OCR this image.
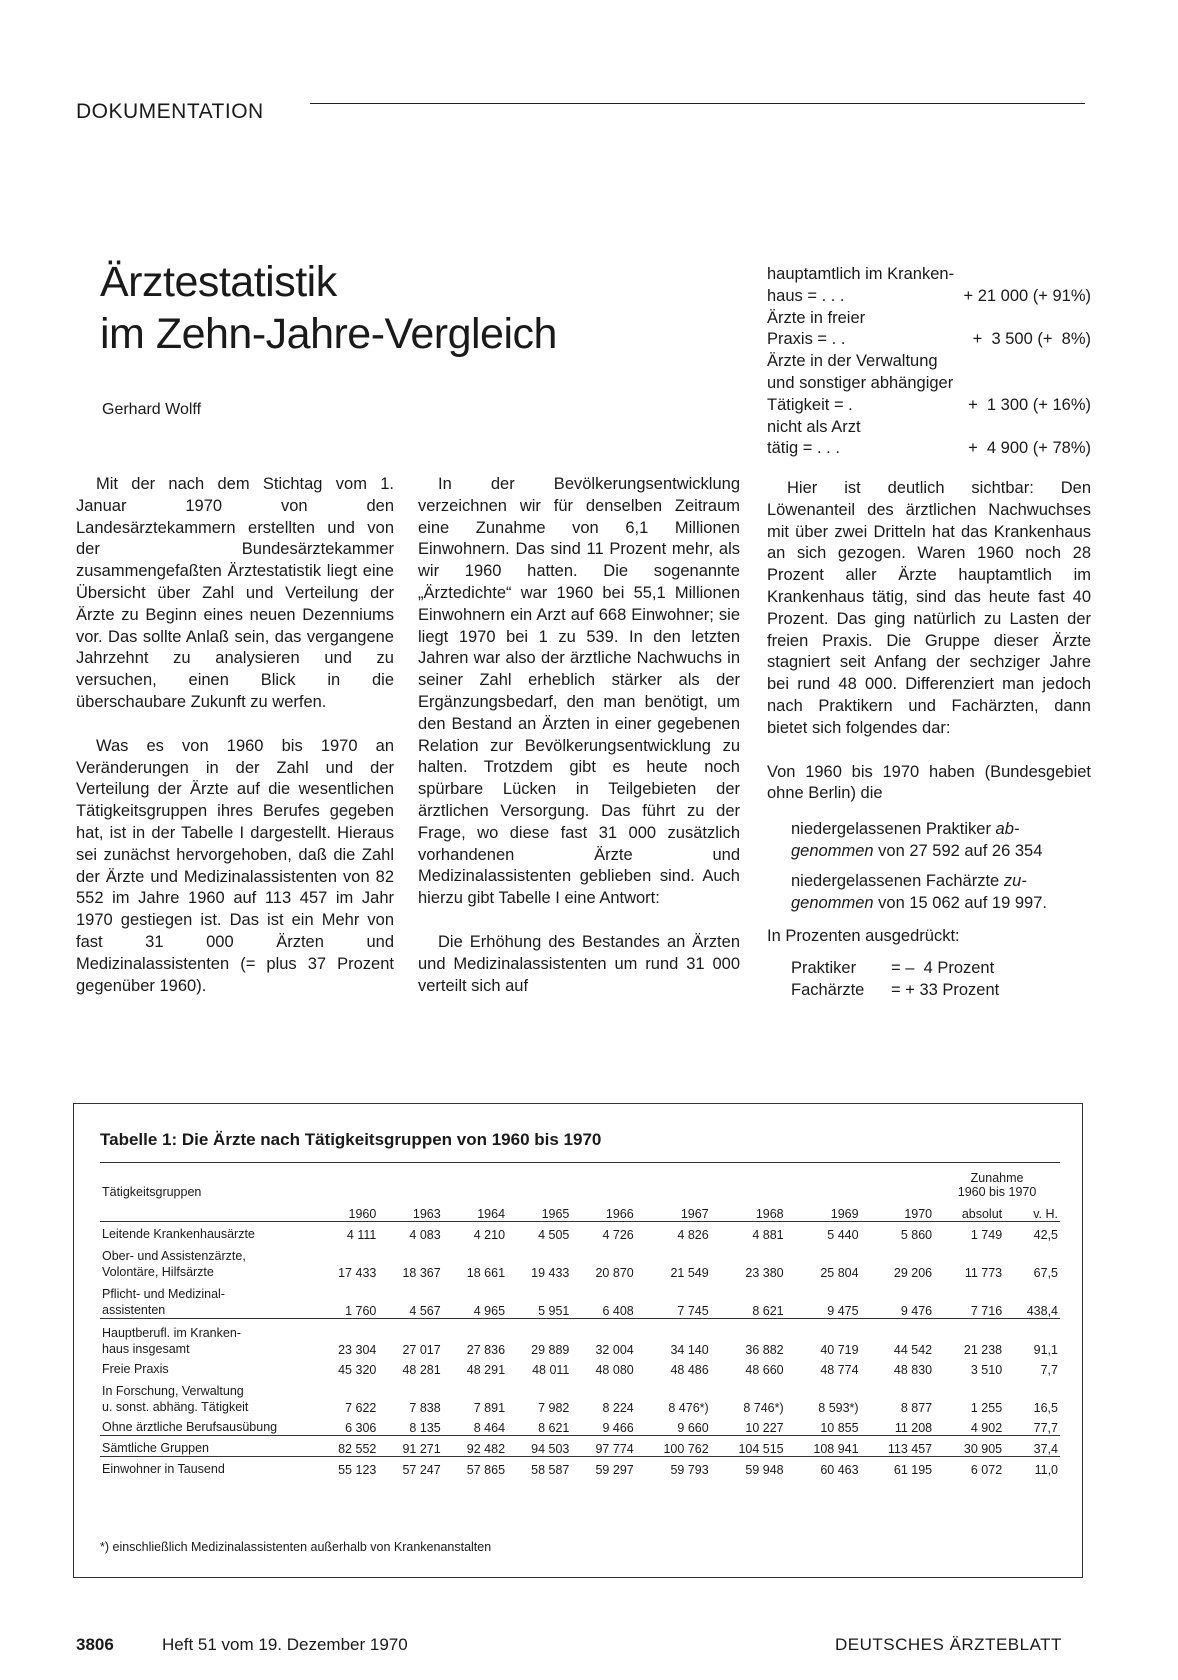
DOKUMENTATION
Ärztestatistik
im Zehn-Jahre-Vergleich
Gerhard Wolff

Mit der nach dem Stichtag vom 1. Januar 1970 von den Landesärztekammern erstellten und von der Bundesärztekammer zusammengefaßten Ärztestatistik liegt eine Übersicht über Zahl und Verteilung der Ärzte zu Beginn eines neuen Dezenniums vor. Das sollte Anlaß sein, das vergangene Jahrzehnt zu analysieren und zu versuchen, einen Blick in die überschaubare Zukunft zu werfen.

Was es von 1960 bis 1970 an Veränderungen in der Zahl und der Verteilung der Ärzte auf die wesentlichen Tätigkeitsgruppen ihres Berufes gegeben hat, ist in der Tabelle I dargestellt. Hieraus sei zunächst hervorgehoben, daß die Zahl der Ärzte und Medizinalassistenten von 82 552 im Jahre 1960 auf 113 457 im Jahr 1970 gestiegen ist. Das ist ein Mehr von fast 31 000 Ärzten und Medizinalassistenten (= plus 37 Prozent gegenüber 1960).

In der Bevölkerungsentwicklung verzeichnen wir für denselben Zeitraum eine Zunahme von 6,1 Millionen Einwohnern. Das sind 11 Prozent mehr, als wir 1960 hatten. Die sogenannte „Ärztedichte“ war 1960 bei 55,1 Millionen Einwohnern ein Arzt auf 668 Einwohner; sie liegt 1970 bei 1 zu 539. In den letzten Jahren war also der ärztliche Nachwuchs in seiner Zahl erheblich stärker als der Ergänzungsbedarf, den man benötigt, um den Bestand an Ärzten in einer gegebenen Relation zur Bevölkerungsentwicklung zu halten. Trotzdem gibt es heute noch spürbare Lücken in Teilgebieten der ärztlichen Versorgung. Das führt zu der Frage, wo diese fast 31 000 zusätzlich vorhandenen Ärzte und Medizinalassistenten geblieben sind. Auch hierzu gibt Tabelle I eine Antwort:

Die Erhöhung des Bestandes an Ärzten und Medizinalassistenten um rund 31 000 verteilt sich auf

hauptamtlich im Kranken-
haus = . . .	+ 21 000 (+ 91%)
Ärzte in freier
Praxis = . .	+  3 500 (+  8%)
Ärzte in der Verwaltung
und sonstiger abhängiger
Tätigkeit = .	+  1 300 (+ 16%)
nicht als Arzt
tätig = . . .	+  4 900 (+ 78%)

Hier ist deutlich sichtbar: Den Löwenanteil des ärztlichen Nachwuchses mit über zwei Dritteln hat das Krankenhaus an sich gezogen. Waren 1960 noch 28 Prozent aller Ärzte hauptamtlich im Krankenhaus tätig, sind das heute fast 40 Prozent. Das ging natürlich zu Lasten der freien Praxis. Die Gruppe dieser Ärzte stagniert seit Anfang der sechziger Jahre bei rund 48 000. Differenziert man jedoch nach Praktikern und Fachärzten, dann bietet sich folgendes dar:

Von 1960 bis 1970 haben (Bundesgebiet ohne Berlin) die

niedergelassenen Praktiker ab-
genommen von 27 592 auf 26 354

niedergelassenen Fachärzte zu-
genommen von 15 062 auf 19 997.

In Prozenten ausgedrückt:

Praktiker	= –  4 Prozent
Fachärzte	= + 33 Prozent
Tabelle 1: Die Ärzte nach Tätigkeitsgruppen von 1960 bis 1970

										Zunahme	
Tätigkeitsgruppen										1960 bis 1970	
	1960	1963	1964	1965	1966	1967	1968	1969	1970	absolut	v. H.
Leitende Krankenhausärzte	4 111	4 083	4 210	4 505	4 726	4 826	4 881	5 440	5 860	1 749	42,5
Ober- und Assistenzärzte,
Volontäre, Hilfsärzte	17 433	18 367	18 661	19 433	20 870	21 549	23 380	25 804	29 206	11 773	67,5
Pflicht- und Medizinal-
assistenten	1 760	4 567	4 965	5 951	6 408	7 745	8 621	9 475	9 476	7 716	438,4
Hauptberufl. im Kranken-
haus insgesamt	23 304	27 017	27 836	29 889	32 004	34 140	36 882	40 719	44 542	21 238	91,1
Freie Praxis	45 320	48 281	48 291	48 011	48 080	48 486	48 660	48 774	48 830	3 510	7,7
In Forschung, Verwaltung
u. sonst. abhäng. Tätigkeit	7 622	7 838	7 891	7 982	8 224	8 476*)	8 746*)	8 593*)	8 877	1 255	16,5
Ohne ärztliche Berufsausübung	6 306	8 135	8 464	8 621	9 466	9 660	10 227	10 855	11 208	4 902	77,7
Sämtliche Gruppen	82 552	91 271	92 482	94 503	97 774	100 762	104 515	108 941	113 457	30 905	37,4
Einwohner in Tausend	55 123	57 247	57 865	58 587	59 297	59 793	59 948	60 463	61 195	6 072	11,0
*) einschließlich Medizinalassistenten außerhalb von Krankenanstalten
3806	Heft 51 vom 19. Dezember 1970	DEUTSCHES ÄRZTEBLATT
